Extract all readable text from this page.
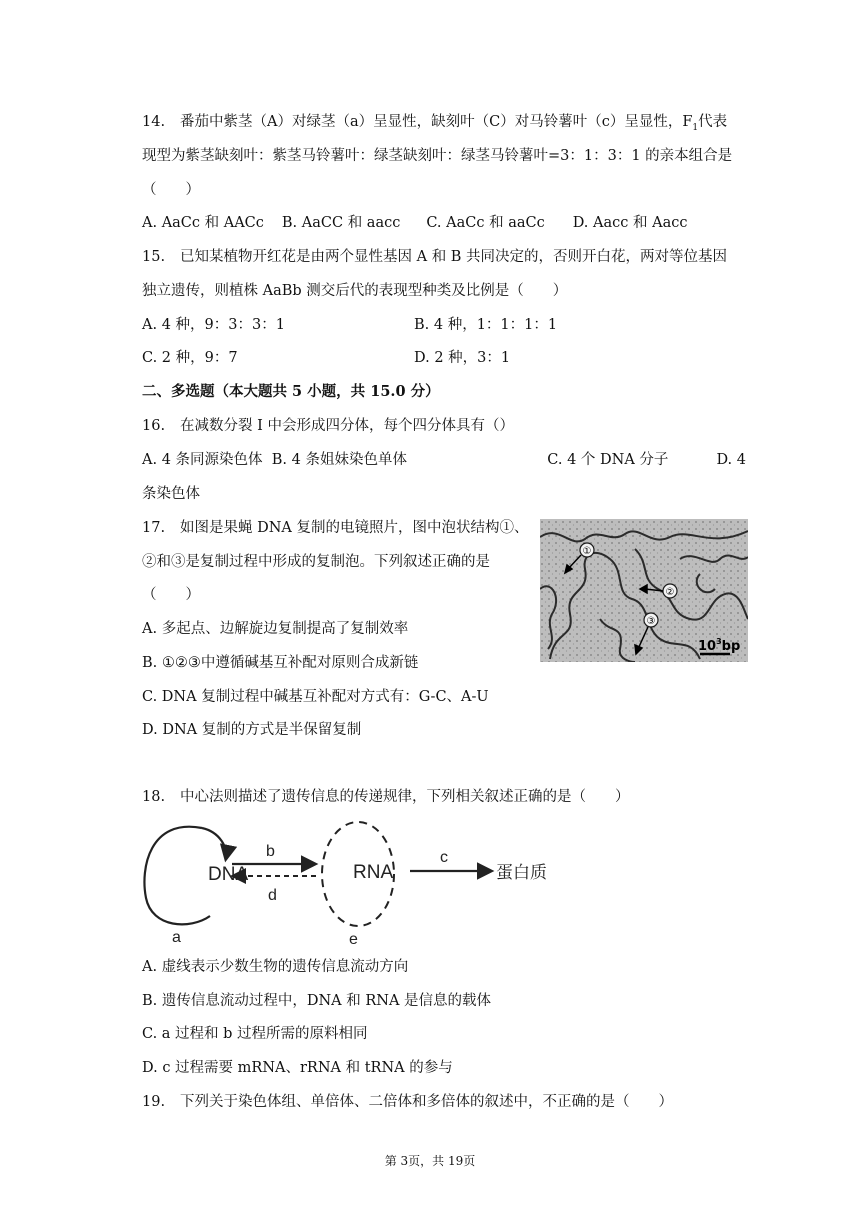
14. 番茄中紫茎（A）对绿茎（a）呈显性，缺刻叶（C）对马铃薯叶（c）呈显性，$F_1$代表
现型为紫茎缺刻叶：紫茎马铃薯叶：绿茎缺刻叶：绿茎马铃薯叶=3：1：3：1 的亲本组合是
（　　）
A. AaCc 和 AACc B. AaCC 和 aacc C. AaCc 和 aaCc D. Aacc 和 Aacc
15. 已知某植物开红花是由两个显性基因 A 和 B 共同决定的，否则开白花，两对等位基因
独立遗传，则植株 AaBb 测交后代的表现型种类及比例是（　　）
A. 4 种，9：3：3：1	B. 4 种，1：1：1：1
C. 2 种，9：7	D. 2 种，3：1
二、多选题（本大题共 5 小题，共 15.0 分）
16. 在减数分裂 I 中会形成四分体，每个四分体具有（）
A. 4 条同源染色体 B. 4 条姐妹染色单体	C. 4 个 DNA 分子	D. 4
条染色体
17. 如图是果蝇 DNA 复制的电镜照片，图中泡状结构①、
②和③是复制过程中形成的复制泡。下列叙述正确的是
（　　）
A. 多起点、边解旋边复制提高了复制效率
B. ①②③中遵循碱基互补配对原则合成新链
C. DNA 复制过程中碱基互补配对方式有：G-C、A-U
D. DNA 复制的方式是半保留复制
①
②
③
$10^3bp$
18. 中心法则描述了遗传信息的传递规律，下列相关叙述正确的是（　　）
DNA
a
b
d
RNA
e
c
蛋白质
A. 虚线表示少数生物的遗传信息流动方向
B. 遗传信息流动过程中，DNA 和 RNA 是信息的载体
C. a 过程和 b 过程所需的原料相同
D. c 过程需要 mRNA、rRNA 和 tRNA 的参与
19. 下列关于染色体组、单倍体、二倍体和多倍体的叙述中，不正确的是（　　）
第 3页，共 19页
